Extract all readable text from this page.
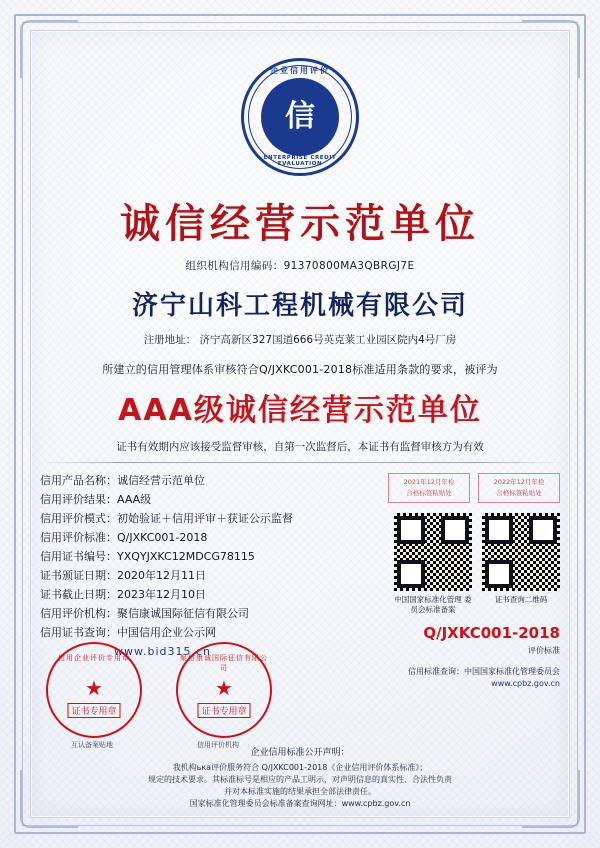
企业信用评价
信
★
ENTERPRISE CREDIT EVALUATION
诚信经营示范单位
组织机构信用编码：91370800MA3QBRGJ7E
济宁山科工程机械有限公司
注册地址： 济宁高新区327国道666号英克莱工业园区院内4号厂房
所建立的信用管理体系审核符合Q/JXKC001-2018标准适用条款的要求，被评为
AAA级诚信经营示范单位
证书有效期内应该接受监督审核，自第一次监督后，本证书有监督审核方为有效
信用产品名称：诚信经营示范单位
信用评价结果：AAA级
信用评价模式：初始验证＋信用评审＋获证公示监督
信用评价标准：Q/JXKC001-2018
信用证书编号：YXQYJXKC12MDCG78115
证书颁证日期：2020年12月11日
证书截止日期：2023年12月10日
信用评价机构：聚信康诚国际征信有限公司
信用证书查询：中国信用企业公示网
www.bid315.cn
2021年12月年检
合格标签粘贴处
2022年12月年检
合格标签粘贴处
中国国家标准化管理 委员会标准备案
证书查询二维码
Q/JXKC001-2018
评价标准
信用标准查询：中国国家标准化管理委员会
www.cpbz.gov.cn
信用企业评价专用章
★
证书专用章
聚信康诚国际征信有限公司
★
证书专用章
互认备案贴地	信用评价机构
企业信用标准公开声明：
我机构ька评价服务符合 Q/JXKC001-2018《企业信用评价体系标准》；
规定的技术要求。其标准标号是相应的产品工明示，对声明信息的真实性、合法性负责
并对本标准实施的结果承担全部法律责任。
国家标准化管理委员会标准备案查询网址：www.cpbz.gov.cn
